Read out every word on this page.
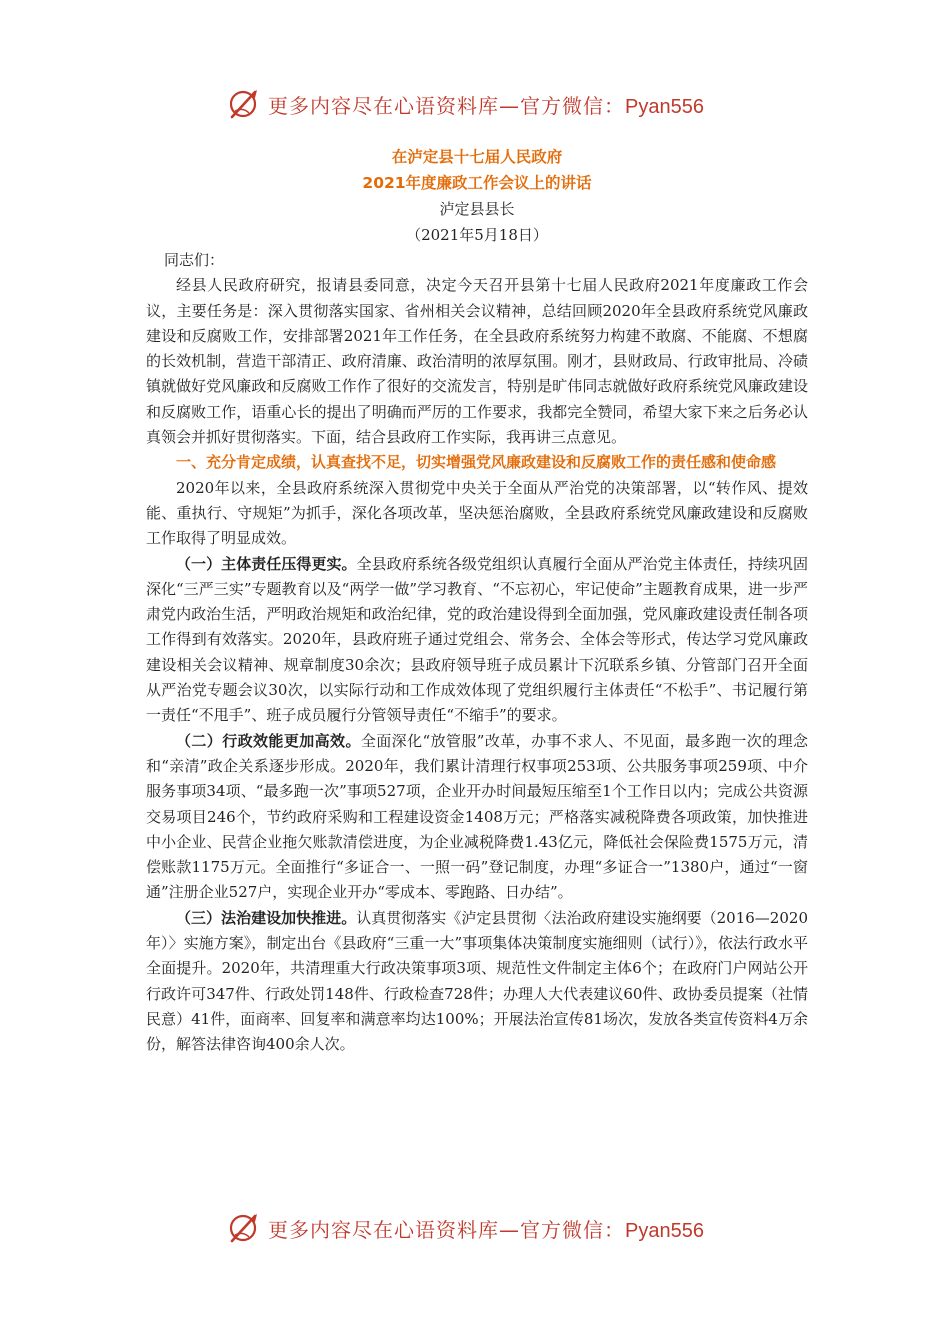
更多内容尽在心语资料库—官方微信：Pyan556
在泸定县十七届人民政府
2021年度廉政工作会议上的讲话
泸定县县长
（2021年5月18日）

同志们：

经县人民政府研究，报请县委同意，决定今天召开县第十七届人民政府2021年度廉政工作会议，主要任务是：深入贯彻落实国家、省州相关会议精神，总结回顾2020年全县政府系统党风廉政建设和反腐败工作，安排部署2021年工作任务，在全县政府系统努力构建不敢腐、不能腐、不想腐的长效机制，营造干部清正、政府清廉、政治清明的浓厚氛围。刚才，县财政局、行政审批局、冷碛镇就做好党风廉政和反腐败工作作了很好的交流发言，特别是旷伟同志就做好政府系统党风廉政建设和反腐败工作，语重心长的提出了明确而严厉的工作要求，我都完全赞同，希望大家下来之后务必认真领会并抓好贯彻落实。下面，结合县政府工作实际，我再讲三点意见。

一、充分肯定成绩，认真查找不足，切实增强党风廉政建设和反腐败工作的责任感和使命感

2020年以来，全县政府系统深入贯彻党中央关于全面从严治党的决策部署，以“转作风、提效能、重执行、守规矩”为抓手，深化各项改革，坚决惩治腐败，全县政府系统党风廉政建设和反腐败工作取得了明显成效。

（一）主体责任压得更实。全县政府系统各级党组织认真履行全面从严治党主体责任，持续巩固深化“三严三实”专题教育以及“两学一做”学习教育、“不忘初心，牢记使命”主题教育成果，进一步严肃党内政治生活，严明政治规矩和政治纪律，党的政治建设得到全面加强，党风廉政建设责任制各项工作得到有效落实。2020年，县政府班子通过党组会、常务会、全体会等形式，传达学习党风廉政建设相关会议精神、规章制度30余次；县政府领导班子成员累计下沉联系乡镇、分管部门召开全面从严治党专题会议30次，以实际行动和工作成效体现了党组织履行主体责任“不松手”、书记履行第一责任“不甩手”、班子成员履行分管领导责任“不缩手”的要求。

（二）行政效能更加高效。全面深化“放管服”改革，办事不求人、不见面，最多跑一次的理念和“亲清”政企关系逐步形成。2020年，我们累计清理行权事项253项、公共服务事项259项、中介服务事项34项、“最多跑一次”事项527项，企业开办时间最短压缩至1个工作日以内；完成公共资源交易项目246个，节约政府采购和工程建设资金1408万元；严格落实减税降费各项政策，加快推进中小企业、民营企业拖欠账款清偿进度，为企业减税降费1.43亿元，降低社会保险费1575万元，清偿账款1175万元。全面推行“多证合一、一照一码”登记制度，办理“多证合一”1380户，通过“一窗通”注册企业527户，实现企业开办“零成本、零跑路、日办结”。

（三）法治建设加快推进。认真贯彻落实《泸定县贯彻〈法治政府建设实施纲要（2016—2020年）〉实施方案》，制定出台《县政府“三重一大”事项集体决策制度实施细则（试行）》，依法行政水平全面提升。2020年，共清理重大行政决策事项3项、规范性文件制定主体6个；在政府门户网站公开行政许可347件、行政处罚148件、行政检查728件；办理人大代表建议60件、政协委员提案（社情民意）41件，面商率、回复率和满意率均达100%；开展法治宣传81场次，发放各类宣传资料4万余份，解答法律咨询400余人次。

更多内容尽在心语资料库—官方微信：Pyan556
